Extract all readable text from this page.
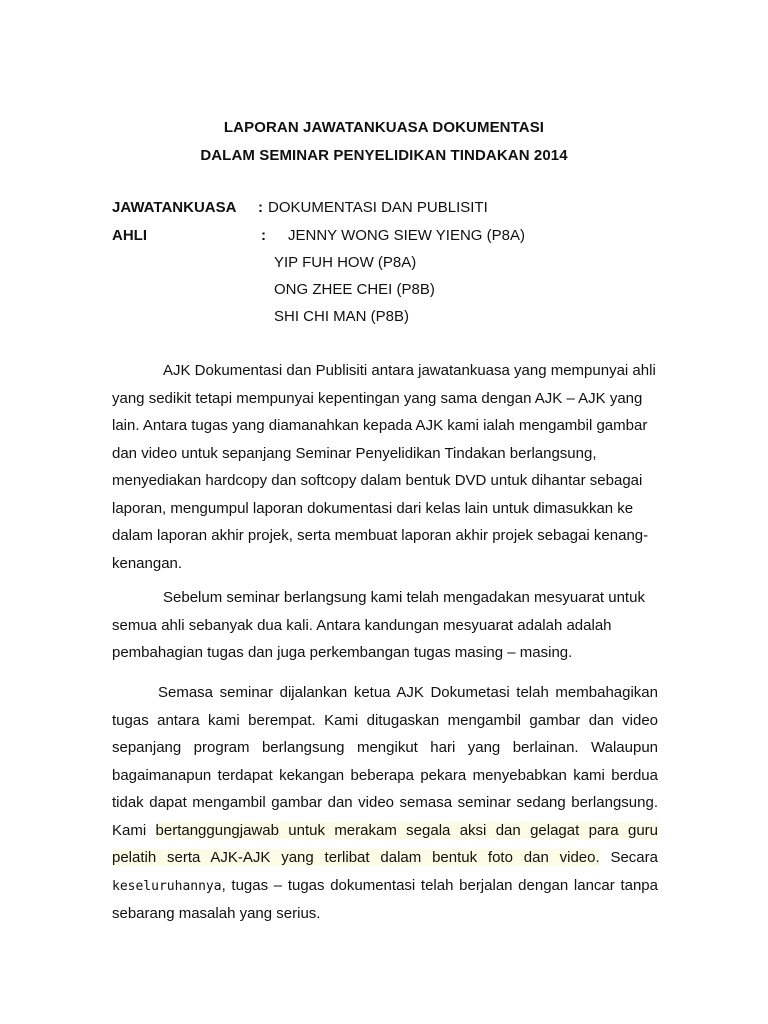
LAPORAN JAWATANKUASA DOKUMENTASI
DALAM SEMINAR PENYELIDIKAN TINDAKAN 2014
JAWATANKUASA : DOKUMENTASI DAN PUBLISITI
AHLI	: JENNY WONG SIEW YIENG (P8A)
YIP FUH HOW (P8A)
ONG ZHEE CHEI (P8B)
SHI CHI MAN (P8B)

AJK Dokumentasi dan Publisiti antara jawatankuasa yang mempunyai ahli yang sedikit tetapi mempunyai kepentingan yang sama dengan AJK – AJK yang lain. Antara tugas yang diamanahkan kepada AJK kami ialah mengambil gambar dan video untuk sepanjang Seminar Penyelidikan Tindakan berlangsung, menyediakan hardcopy dan softcopy dalam bentuk DVD untuk dihantar sebagai laporan, mengumpul laporan dokumentasi dari kelas lain untuk dimasukkan ke dalam laporan akhir projek, serta membuat laporan akhir projek sebagai kenang-kenangan.

Sebelum seminar berlangsung kami telah mengadakan mesyuarat untuk semua ahli sebanyak dua kali. Antara kandungan mesyuarat adalah adalah pembahagian tugas dan juga perkembangan tugas masing – masing.

Semasa seminar dijalankan ketua AJK Dokumetasi telah membahagikan tugas antara kami berempat. Kami ditugaskan mengambil gambar dan video sepanjang program berlangsung mengikut hari yang berlainan. Walaupun bagaimanapun terdapat kekangan beberapa pekara menyebabkan kami berdua tidak dapat mengambil gambar dan video semasa seminar sedang berlangsung. Kami bertanggungjawab untuk merakam segala aksi dan gelagat para guru pelatih serta AJK-AJK yang terlibat dalam bentuk foto dan video. Secara keseluruhannya, tugas – tugas dokumentasi telah berjalan dengan lancar tanpa sebarang masalah yang serius.
